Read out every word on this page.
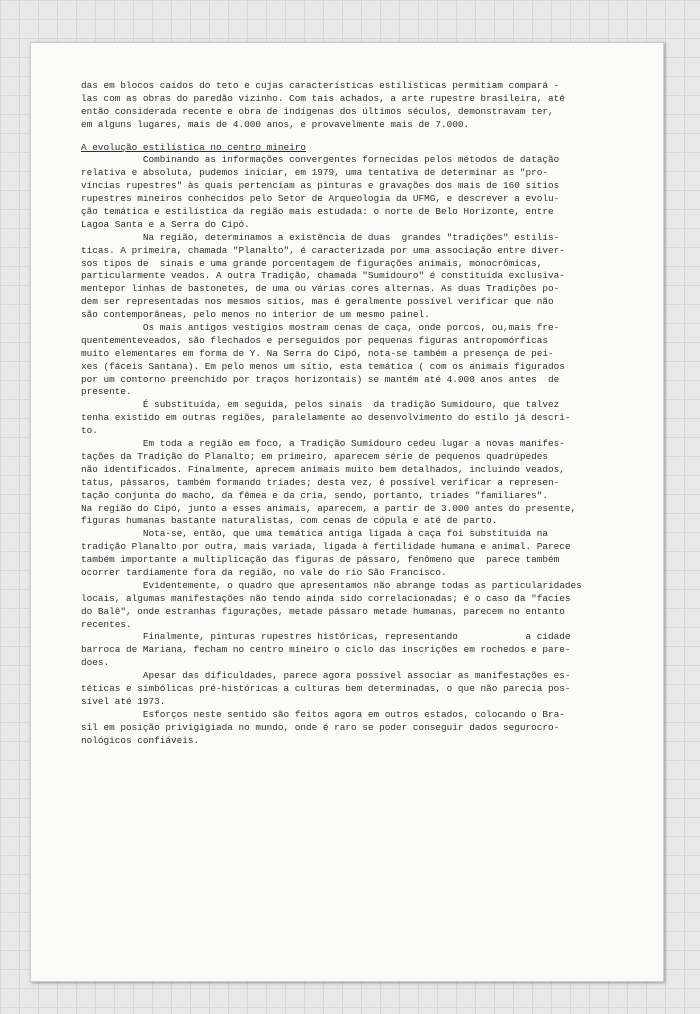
das em blocos caídos do teto e cujas características estilísticas permitiam compará -
las com as obras do paredão vizinho. Com tais achados, a arte rupestre brasileira, até
então considerada recente e obra de indígenas dos últimos séculos, demonstravam ter,
em alguns lugares, mais de 4.000 anos, e provavelmente mais de 7.000.
A evolução estilística no centro mineiro
Combinando as informações convergentes fornecidas pelos métodos de datação
relativa e absoluta, pudemos iniciar, em 1979, uma tentativa de determinar as "pro-
víncias rupestres" às quais pertenciam as pinturas e gravações dos mais de 160 sítios
rupestres mineiros conhecidos pelo Setor de Arqueologia da UFMG, e descrever a evolu-
ção temática e estilística da região mais estudada: o norte de Belo Horizonte, entre
Lagoa Santa e a Serra do Cipó.
Na região, determinamos a existência de duas  grandes "tradições" estilís-
ticas. A primeira, chamada "Planalto", é caracterizada por uma associação entre diver-
sos tipos de  sinais e uma grande porcentagem de figurações animais, monocrômicas,
particularmente veados. A outra Tradição, chamada "Sumidouro" é constituída exclusiva-
mentepor linhas de bastonetes, de uma ou várias cores alternas. As duas Tradições po-
dem ser representadas nos mesmos sítios, mas é geralmente possível verificar que não
são contemporâneas, pelo menos no interior de um mesmo painel.
Os mais antigos vestígios mostram cenas de caça, onde porcos, ou,mais fre-
quentementeveados, são flechados e perseguidos por pequenas figuras antropomórficas
muito elementares em forma de Y. Na Serra do Cipó, nota-se também a presença de pei-
xes (fáceis Santana). Em pelo menos um sítio, esta temática ( com os animais figurados
por um contorno preenchido por traços horizontais) se mantém até 4.000 anos antes  de
presente.
É substituída, em seguida, pelos sinais  da tradição Sumidouro, que talvez
tenha existido em outras regiões, paralelamente ao desenvolvimento do estilo já descri-
to.
Em toda a região em foco, a Tradição Sumidouro cedeu lugar a novas manifes-
tações da Tradição do Planalto; em primeiro, aparecem série de pequenos quadrúpedes
não identificados. Finalmente, aprecem animais muito bem detalhados, incluindo veados,
tatus, pássaros, também formando tríades; desta vez, é possível verificar a represen-
tação conjunta do macho, da fêmea e da cria, sendo, portanto, tríades "familiares".
Na região do Cipó, junto a esses animais, aparecem, a partir de 3.000 antes do presente,
figuras humanas bastante naturalistas, com cenas de cópula e até de parto.
Nota-se, então, que uma temática antiga ligada à caça foi substituída na
tradição Planalto por outra, mais variada, ligada à fertilidade humana e animal. Parece
também importante a multiplicação das figuras de pássaro, fenômeno que  parece também
ocorrer tardiamente fora da região, no vale do rio São Francisco.
Evidentemente, o quadro que apresentamos não abrange todas as particularidades
locais, algumas manifestações não tendo ainda sido correlacionadas; é o caso da "facies
do Balê", onde estranhas figurações, metade pássaro metade humanas, parecem no entanto
recentes.
Finalmente, pinturas rupestres históricas, representando            a cidade
barroca de Mariana, fecham no centro mineiro o ciclo das inscrições em rochedos e pare-
does.
Apesar das dificuldades, parece agora possível associar as manifestações es-
téticas e simbólicas pré-históricas a culturas bem determinadas, o que não parecia pos-
sível até 1973.
Esforços neste sentido são feitos agora em outros estados, colocando o Bra-
sil em posição privigigiada no mundo, onde é raro se poder conseguir dados segurocro-
nológicos confiáveis.
